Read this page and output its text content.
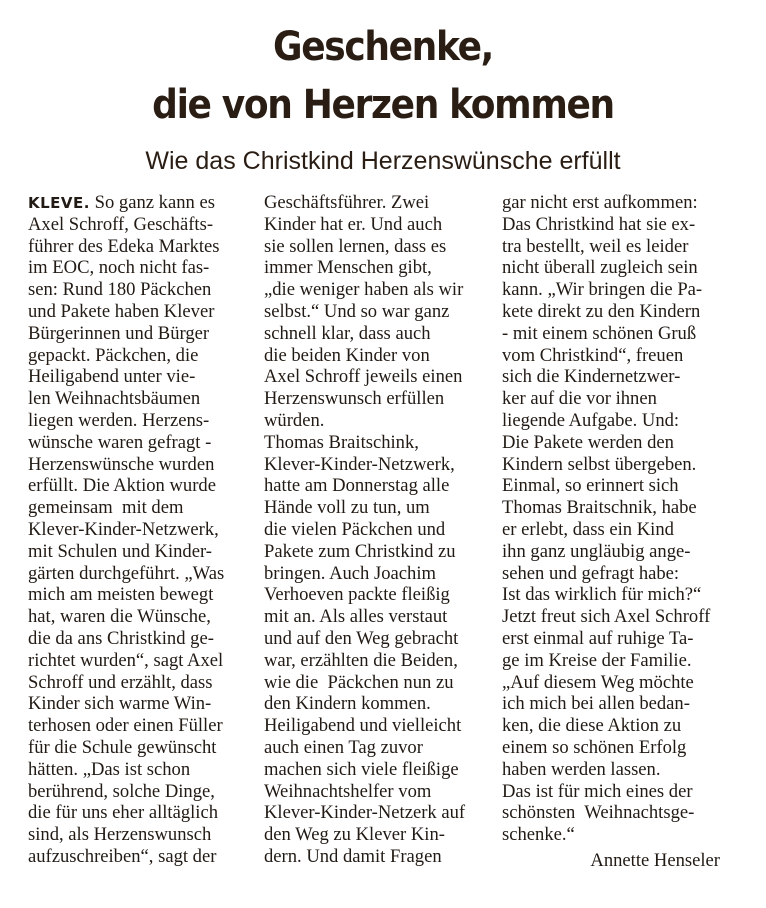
Geschenke,
die von Herzen kommen
Wie das Christkind Herzenswünsche erfüllt
KLEVE. So ganz kann es
Axel Schroff, Geschäfts-
führer des Edeka Marktes
im EOC, noch nicht fas-
sen: Rund 180 Päckchen
und Pakete haben Klever
Bürgerinnen und Bürger
gepackt. Päckchen, die
Heiligabend unter vie-
len Weihnachtsbäumen
liegen werden. Herzens-
wünsche waren gefragt -
Herzenswünsche wurden
erfüllt. Die Aktion wurde
gemeinsam  mit dem
Klever-Kinder-Netzwerk,
mit Schulen und Kinder-
gärten durchgeführt. „Was
mich am meisten bewegt
hat, waren die Wünsche,
die da ans Christkind ge-
richtet wurden“, sagt Axel
Schroff und erzählt, dass
Kinder sich warme Win-
terhosen oder einen Füller
für die Schule gewünscht
hätten. „Das ist schon
berührend, solche Dinge,
die für uns eher alltäglich
sind, als Herzenswunsch
aufzuschreiben“, sagt der
Geschäftsführer. Zwei
Kinder hat er. Und auch
sie sollen lernen, dass es
immer Menschen gibt,
„die weniger haben als wir
selbst.“ Und so war ganz
schnell klar, dass auch
die beiden Kinder von
Axel Schroff jeweils einen
Herzenswunsch erfüllen
würden.
Thomas Braitschink,
Klever-Kinder-Netzwerk,
hatte am Donnerstag alle
Hände voll zu tun, um
die vielen Päckchen und
Pakete zum Christkind zu
bringen. Auch Joachim
Verhoeven packte fleißig
mit an. Als alles verstaut
und auf den Weg gebracht
war, erzählten die Beiden,
wie die  Päckchen nun zu
den Kindern kommen.
Heiligabend und vielleicht
auch einen Tag zuvor
machen sich viele fleißige
Weihnachtshelfer vom
Klever-Kinder-Netzerk auf
den Weg zu Klever Kin-
dern. Und damit Fragen
gar nicht erst aufkommen:
Das Christkind hat sie ex-
tra bestellt, weil es leider
nicht überall zugleich sein
kann. „Wir bringen die Pa-
kete direkt zu den Kindern
- mit einem schönen Gruß
vom Christkind“, freuen
sich die Kindernetzwer-
ker auf die vor ihnen
liegende Aufgabe. Und:
Die Pakete werden den
Kindern selbst übergeben.
Einmal, so erinnert sich
Thomas Braitschnik, habe
er erlebt, dass ein Kind
ihn ganz ungläubig ange-
sehen und gefragt habe:
Ist das wirklich für mich?“
Jetzt freut sich Axel Schroff
erst einmal auf ruhige Ta-
ge im Kreise der Familie.
„Auf diesem Weg möchte
ich mich bei allen bedan-
ken, die diese Aktion zu
einem so schönen Erfolg
haben werden lassen.
Das ist für mich eines der
schönsten  Weihnachtsge-
schenke.“
Annette Henseler
